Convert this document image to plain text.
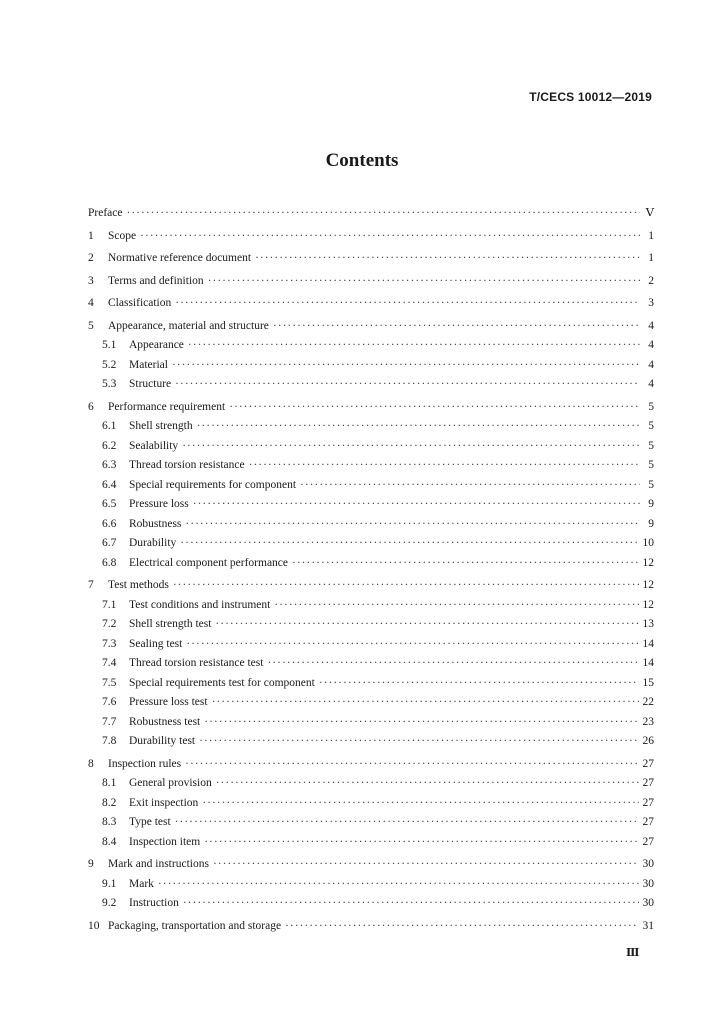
T/CECS 10012—2019
Contents
Preface ·····	Ⅴ
1	Scope ·····	1
2	Normative reference document ·····	1
3	Terms and definition ·····	2
4	Classification ·····	3
5	Appearance, material and structure ·····	4
5.1	Appearance ·····	4
5.2	Material ·····	4
5.3	Structure ·····	4
6	Performance requirement ·····	5
6.1	Shell strength ·····	5
6.2	Sealability ·····	5
6.3	Thread torsion resistance ·····	5
6.4	Special requirements for component ·····	5
6.5	Pressure loss ·····	9
6.6	Robustness ·····	9
6.7	Durability ·····	10
6.8	Electrical component performance ·····	12
7	Test methods ·····	12
7.1	Test conditions and instrument ·····	12
7.2	Shell strength test ·····	13
7.3	Sealing test ·····	14
7.4	Thread torsion resistance test ·····	14
7.5	Special requirements test for component ·····	15
7.6	Pressure loss test ·····	22
7.7	Robustness test ·····	23
7.8	Durability test ·····	26
8	Inspection rules ·····	27
8.1	General provision ·····	27
8.2	Exit inspection ·····	27
8.3	Type test ·····	27
8.4	Inspection item ·····	27
9	Mark and instructions ·····	30
9.1	Mark ·····	30
9.2	Instruction ·····	30
10 Packaging, transportation and storage ·····	31
Ⅲ
